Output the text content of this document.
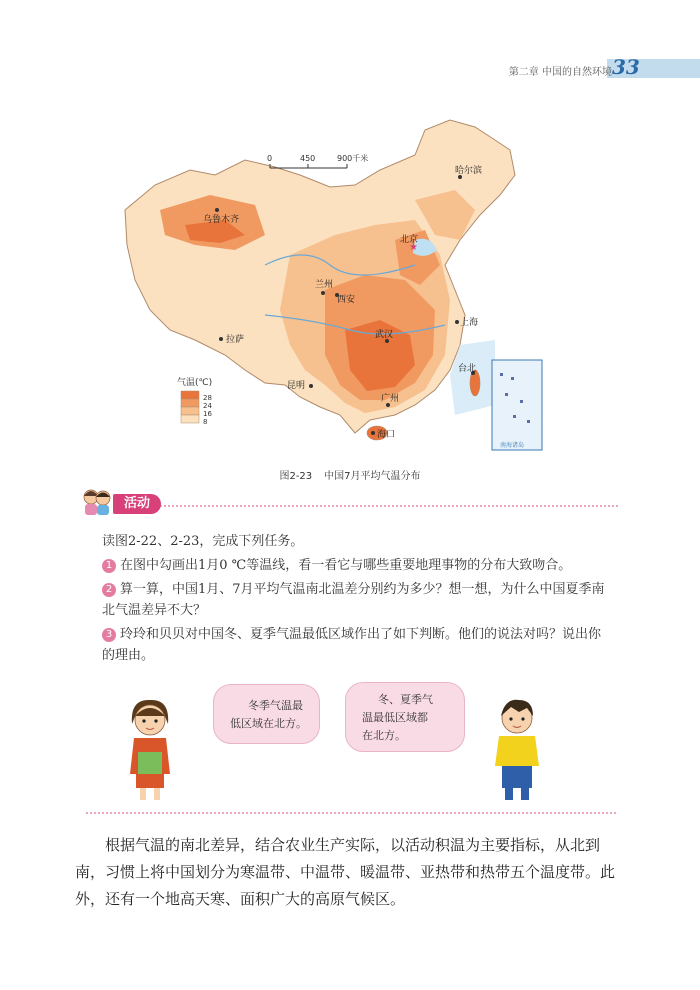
第二章 中国的自然环境 33
0	450	900千米
哈尔滨
乌鲁木齐
★
北京
兰州
西安
上海
拉萨	武汉
台北
昆明
广州
海口
气温(℃)
28
24
16
8
南海诸岛
图2-23 中国7月平均气温分布
活动
读图2-22、2-23，完成下列任务。
1 在图中勾画出1月0 ℃等温线，看一看它与哪些重要地理事物的分布大致吻合。
2 算一算，中国1月、7月平均气温南北温差分别约为多少？想一想，为什么中国夏季南北气温差异不大？
3 玲玲和贝贝对中国冬、夏季气温最低区域作出了如下判断。他们的说法对吗？说出你的理由。
冬季气温最
低区域在北方。
冬、夏季气
温最低区域都
在北方。
根据气温的南北差异，结合农业生产实际，以活动积温为主要指标，从北到南，习惯上将中国划分为寒温带、中温带、暖温带、亚热带和热带五个温度带。此外，还有一个地高天寒、面积广大的高原气候区。
